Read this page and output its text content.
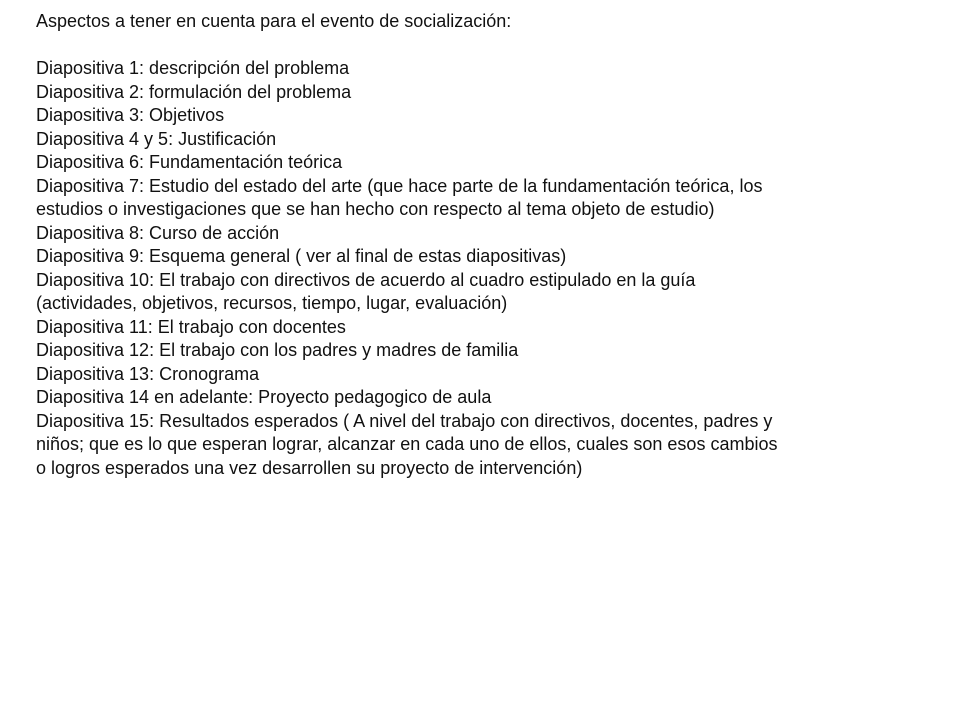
Aspectos a tener en cuenta para el evento de socialización:

Diapositiva 1: descripción del problema

Diapositiva 2: formulación del problema

Diapositiva 3: Objetivos

Diapositiva 4 y 5: Justificación

Diapositiva 6: Fundamentación teórica

Diapositiva 7: Estudio del estado del arte (que hace parte de la fundamentación teórica, los

estudios o investigaciones que se han hecho con respecto al tema objeto de estudio)

Diapositiva 8: Curso de acción

Diapositiva 9: Esquema general ( ver al final de estas diapositivas)

Diapositiva 10: El trabajo con directivos de acuerdo al cuadro estipulado en la guía

(actividades, objetivos, recursos, tiempo, lugar, evaluación)

Diapositiva 11: El trabajo con docentes

Diapositiva 12: El trabajo con los padres y madres de familia

Diapositiva 13: Cronograma

Diapositiva 14 en adelante: Proyecto pedagogico de aula

Diapositiva 15: Resultados esperados ( A nivel del trabajo con directivos, docentes, padres y

niños; que es lo que esperan lograr, alcanzar en cada uno de ellos, cuales son esos cambios

o logros esperados una vez desarrollen su proyecto de intervención)
